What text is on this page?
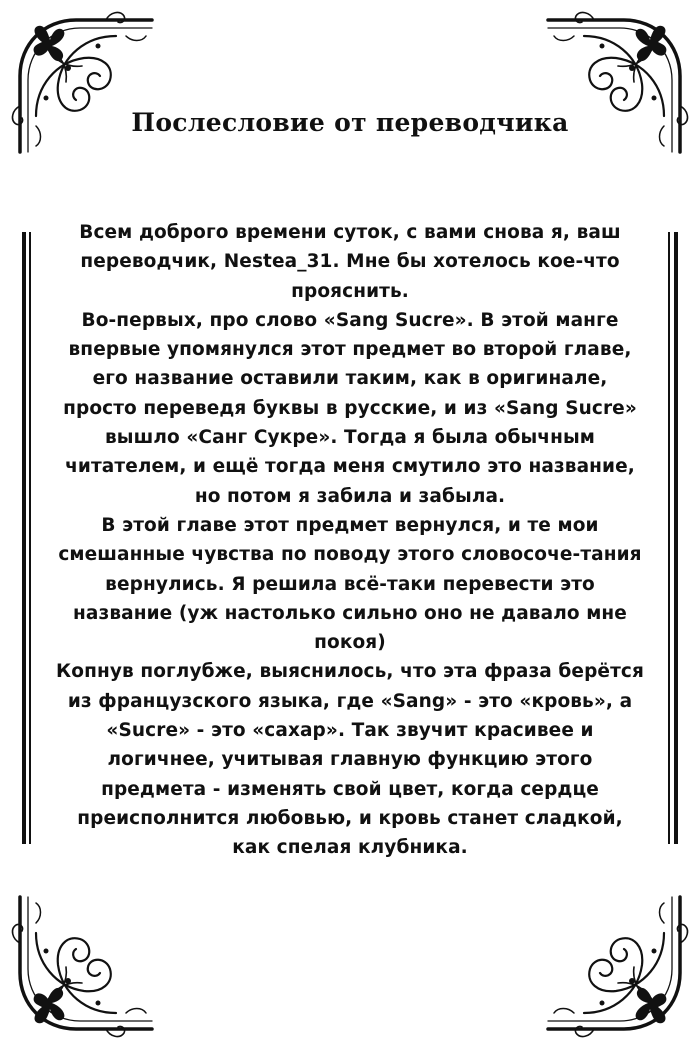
Послесловие от переводчика

Всем доброго времени суток, с вами снова я, ваш переводчик, Nestea_31. Мне бы хотелось кое-что прояснить.

Во-первых, про слово «Sang Sucre». В этой манге впервые упомянулся этот предмет во второй главе, его название оставили таким, как в оригинале, просто переведя буквы в русские, и из «Sang Sucre» вышло «Санг Сукре». Тогда я была обычным читателем, и ещё тогда меня смутило это название, но потом я забила и забыла.

В этой главе этот предмет вернулся, и те мои смешанные чувства по поводу этого словосоче-тания вернулись. Я решила всё-таки перевести это название (уж настолько сильно оно не давало мне покоя)

Копнув поглубже, выяснилось, что эта фраза берётся из французского языка, где «Sang» - это «кровь», а «Sucre» - это «сахар». Так звучит красивее и логичнее, учитывая главную функцию этого предмета - изменять свой цвет, когда сердце преисполнится любовью, и кровь станет сладкой, как спелая клубника.
